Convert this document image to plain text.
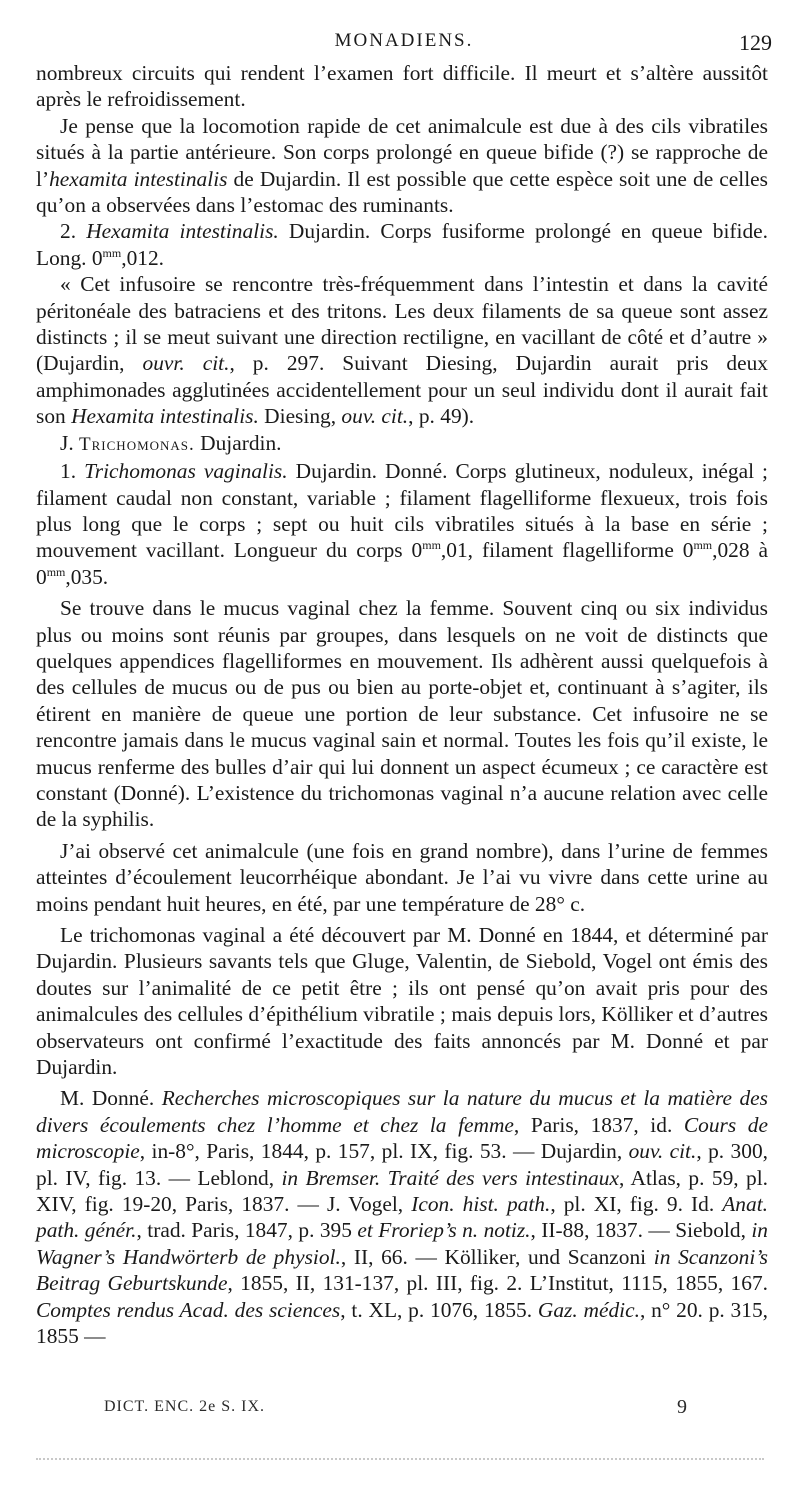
MONADIENS.	129

nombreux circuits qui rendent l’examen fort difficile. Il meurt et s’altère aussitôt après le refroidissement.

Je pense que la locomotion rapide de cet animalcule est due à des cils vibratiles situés à la partie antérieure. Son corps prolongé en queue bifide (?) se rapproche de l’hexamita intestinalis de Dujardin. Il est possible que cette espèce soit une de celles qu’on a observées dans l’estomac des ruminants.

2. Hexamita intestinalis. Dujardin. Corps fusiforme prolongé en queue bifide. Long. $0^{mm},012$.

« Cet infusoire se rencontre très-fréquemment dans l’intestin et dans la cavité péritonéale des batraciens et des tritons. Les deux filaments de sa queue sont assez distincts ; il se meut suivant une direction rectiligne, en vacillant de côté et d’autre » (Dujardin, ouvr. cit., p. 297. Suivant Diesing, Dujardin aurait pris deux amphimonades agglutinées accidentellement pour un seul individu dont il aurait fait son Hexamita intestinalis. Diesing, ouv. cit., p. 49).

J. Trichomonas. Dujardin.

1. Trichomonas vaginalis. Dujardin. Donné. Corps glutineux, noduleux, inégal ; filament caudal non constant, variable ; filament flagelliforme flexueux, trois fois plus long que le corps ; sept ou huit cils vibratiles situés à la base en série ; mouvement vacillant. Longueur du corps $0^{mm},01$, filament flagelliforme $0^{mm},028$ à $0^{mm},035$.

Se trouve dans le mucus vaginal chez la femme. Souvent cinq ou six individus plus ou moins sont réunis par groupes, dans lesquels on ne voit de distincts que quelques appendices flagelliformes en mouvement. Ils adhèrent aussi quelquefois à des cellules de mucus ou de pus ou bien au porte-objet et, continuant à s’agiter, ils étirent en manière de queue une portion de leur substance. Cet infusoire ne se rencontre jamais dans le mucus vaginal sain et normal. Toutes les fois qu’il existe, le mucus renferme des bulles d’air qui lui donnent un aspect écumeux ; ce caractère est constant (Donné). L’existence du trichomonas vaginal n’a aucune relation avec celle de la syphilis.

J’ai observé cet animalcule (une fois en grand nombre), dans l’urine de femmes atteintes d’écoulement leucorrhéique abondant. Je l’ai vu vivre dans cette urine au moins pendant huit heures, en été, par une température de 28° c.

Le trichomonas vaginal a été découvert par M. Donné en 1844, et déterminé par Dujardin. Plusieurs savants tels que Gluge, Valentin, de Siebold, Vogel ont émis des doutes sur l’animalité de ce petit être ; ils ont pensé qu’on avait pris pour des animalcules des cellules d’épithélium vibratile ; mais depuis lors, Kölliker et d’autres observateurs ont confirmé l’exactitude des faits annoncés par M. Donné et par Dujardin.

M. Donné. Recherches microscopiques sur la nature du mucus et la matière des divers écoulements chez l’homme et chez la femme, Paris, 1837, id. Cours de microscopie, in-8°, Paris, 1844, p. 157, pl. IX, fig. 53. — Dujardin, ouv. cit., p. 300, pl. IV, fig. 13. — Leblond, in Bremser. Traité des vers intestinaux, Atlas, p. 59, pl. XIV, fig. 19-20, Paris, 1837. — J. Vogel, Icon. hist. path., pl. XI, fig. 9. Id. Anat. path. génér., trad. Paris, 1847, p. 395 et Froriep’s n. notiz., II-88, 1837. — Siebold, in Wagner’s Handwörterb de physiol., II, 66. — Kölliker, und Scanzoni in Scanzoni’s Beitrag Geburtskunde, 1855, II, 131-137, pl. III, fig. 2. L’Institut, 1115, 1855, 167. Comptes rendus Acad. des sciences, t. XL, p. 1076, 1855. Gaz. médic., n° 20. p. 315, 1855 —

DICT. ENC. 2e S. IX.	9
